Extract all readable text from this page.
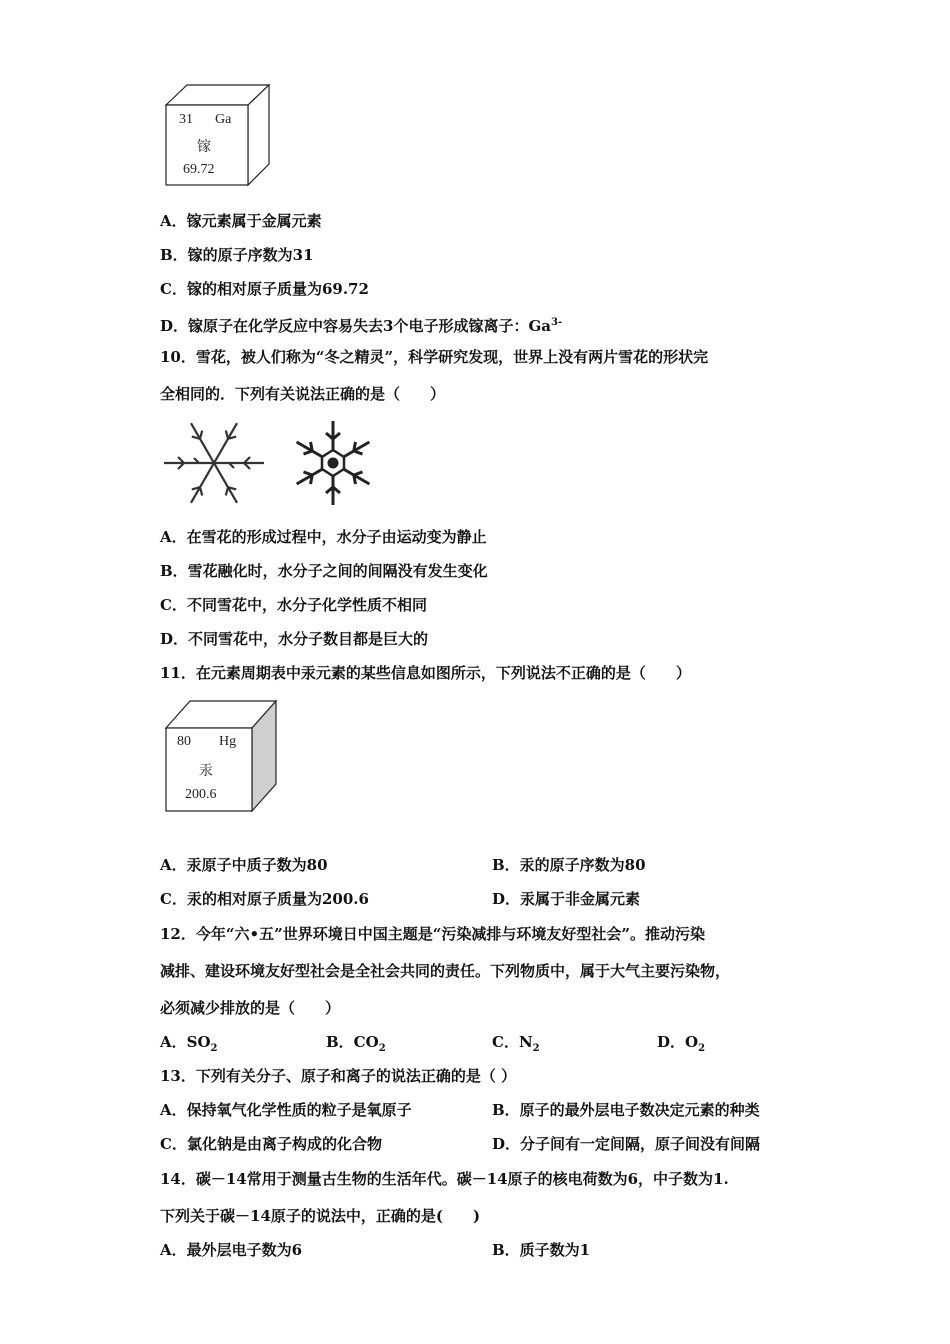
31 Ga
镓
69.72
A．镓元素属于金属元素
B．镓的原子序数为31
C．镓的相对原子质量为69.72
D．镓原子在化学反应中容易失去3个电子形成镓离子：$Ga^{3-}$
10．雪花，被人们称为“冬之精灵”，科学研究发现，世界上没有两片雪花的形状完
全相同的．下列有关说法正确的是（　　）
A．在雪花的形成过程中，水分子由运动变为静止
B．雪花融化时，水分子之间的间隔没有发生变化
C．不同雪花中，水分子化学性质不相同
D．不同雪花中，水分子数目都是巨大的
11．在元素周期表中汞元素的某些信息如图所示，下列说法不正确的是（　　）
80 Hg
汞
200.6
A．汞原子中质子数为80	B．汞的原子序数为80
C．汞的相对原子质量为200.6	D．汞属于非金属元素
12．今年“六•五”世界环境日中国主题是“污染减排与环境友好型社会”。推动污染
减排、建设环境友好型社会是全社会共同的责任。下列物质中，属于大气主要污染物，
必须减少排放的是（　　）
A．$SO_2$	B．$CO_2$	C．$N_2$	D．$O_2$
13．下列有关分子、原子和离子的说法正确的是（ ）
A．保持氧气化学性质的粒子是氧原子	B．原子的最外层电子数决定元素的种类
C．氯化钠是由离子构成的化合物	D．分子间有一定间隔，原子间没有间隔
14．碳－14常用于测量古生物的生活年代。碳－14原子的核电荷数为6，中子数为1.
下列关于碳－14原子的说法中，正确的是(　　)
A．最外层电子数为6	B．质子数为1
